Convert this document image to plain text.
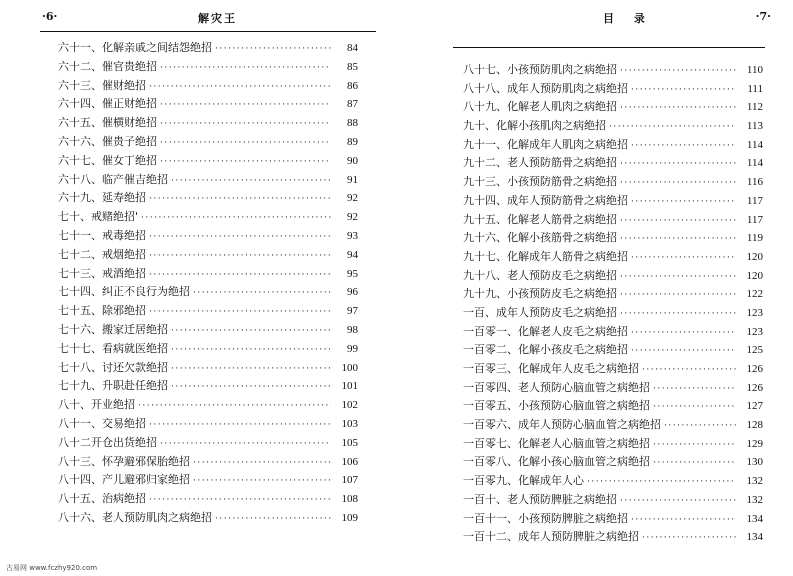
·6·	解灾王
六十一、化解亲戚之间结怨绝招 ·····	84
六十二、催官贵绝招 ·····	85
六十三、催财绝招 ·····	86
六十四、催正财绝招 ·····	87
六十五、催横财绝招 ·····	88
六十六、催贵子绝招 ·····	89
六十七、催女丁绝招 ·····	90
六十八、临产催吉绝招 ·····	91
六十九、延寿绝招 ·····	92
七十、戒赌绝招' ·····	92
七十一、戒毒绝招 ·····	93
七十二、戒烟绝招 ·····	94
七十三、戒酒绝招 ·····	95
七十四、纠正不良行为绝招 ·····	96
七十五、除邪绝招 ·····	97
七十六、搬家迁居绝招 ·····	98
七十七、看病就医绝招 ·····	99
七十八、讨还欠款绝招 ·····	100
七十九、升职赴任绝招 ·····	101
八十、开业绝招 ·····	102
八十一、交易绝招 ·····	103
八十二开仓出货绝招 ·····	105
八十三、怀孕避邪保胎绝招 ·····	106
八十四、产儿避邪归家绝招 ·····	107
八十五、治病绝招 ·····	108
八十六、老人预防肌肉之病绝招 ·····	109
目 录	·7·
八十七、小孩预防肌肉之病绝招 ·····	110
八十八、成年人预防肌肉之病绝招 ·····	111
八十九、化解老人肌肉之病绝招 ·····	112
九十、化解小孩肌肉之病绝招 ·····	113
九十一、化解成年人肌肉之病绝招 ·····	114
九十二、老人预防筋骨之病绝招 ·····	114
九十三、小孩预防筋骨之病绝招 ·····	116
九十四、成年人预防筋骨之病绝招 ·····	117
九十五、化解老人筋骨之病绝招 ·····	117
九十六、化解小孩筋骨之病绝招 ·····	119
九十七、化解成年人筋骨之病绝招 ·····	120
九十八、老人预防皮毛之病绝招 ·····	120
九十九、小孩预防皮毛之病绝招 ·····	122
一百、成年人预防皮毛之病绝招 ·····	123
一百零一、化解老人皮毛之病绝招 ·····	123
一百零二、化解小孩皮毛之病绝招 ·····	125
一百零三、化解成年人皮毛之病绝招 ·····	126
一百零四、老人预防心脑血管之病绝招 ·····	126
一百零五、小孩预防心脑血管之病绝招 ·····	127
一百零六、成年人预防心脑血管之病绝招 ·····	128
一百零七、化解老人心脑血管之病绝招 ·····	129
一百零八、化解小孩心脑血管之病绝招 ·····	130
一百零九、化解成年人心 ·····	132
一百十、老人预防脾脏之病绝招 ·····	132
一百十一、小孩预防脾脏之病绝招 ·····	134
一百十二、成年人预防脾脏之病绝招 ·····	134
古易网 www.fczhy920.com
